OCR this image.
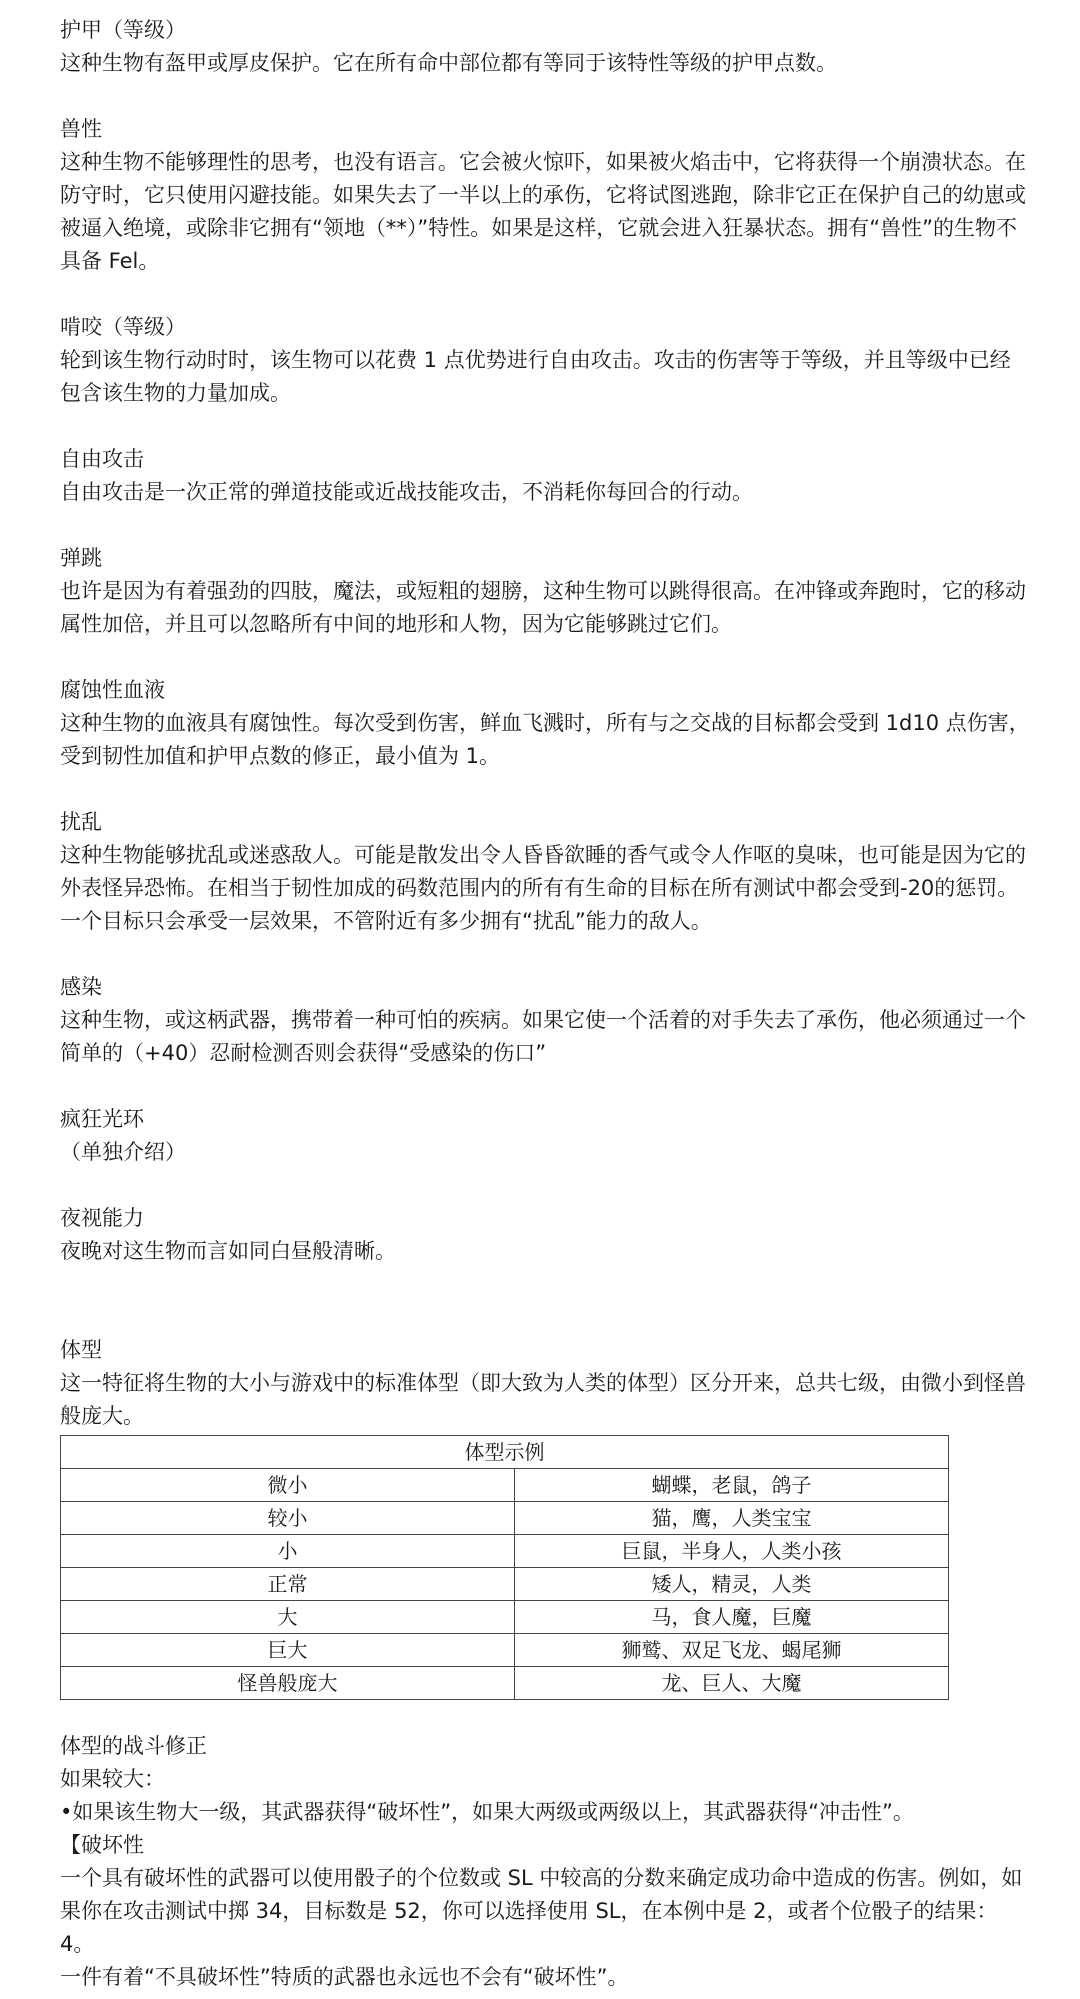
护甲（等级）

这种生物有盔甲或厚皮保护。它在所有命中部位都有等同于该特性等级的护甲点数。

兽性

这种生物不能够理性的思考，也没有语言。它会被火惊吓，如果被火焰击中，它将获得一个崩溃状态。在防守时，它只使用闪避技能。如果失去了一半以上的承伤，它将试图逃跑，除非它正在保护自己的幼崽或被逼入绝境，或除非它拥有“领地（**）”特性。如果是这样，它就会进入狂暴状态。拥有“兽性”的生物不具备 Fel。

啃咬（等级）

轮到该生物行动时时，该生物可以花费 1 点优势进行自由攻击。攻击的伤害等于等级，并且等级中已经包含该生物的力量加成。

自由攻击

自由攻击是一次正常的弹道技能或近战技能攻击，不消耗你每回合的行动。

弹跳

也许是因为有着强劲的四肢，魔法，或短粗的翅膀，这种生物可以跳得很高。在冲锋或奔跑时，它的移动属性加倍，并且可以忽略所有中间的地形和人物，因为它能够跳过它们。

腐蚀性血液

这种生物的血液具有腐蚀性。每次受到伤害，鲜血飞溅时，所有与之交战的目标都会受到 1d10 点伤害，受到韧性加值和护甲点数的修正，最小值为 1。

扰乱

这种生物能够扰乱或迷惑敌人。可能是散发出令人昏昏欲睡的香气或令人作呕的臭味，也可能是因为它的外表怪异恐怖。在相当于韧性加成的码数范围内的所有有生命的目标在所有测试中都会受到-20的惩罚。一个目标只会承受一层效果，不管附近有多少拥有“扰乱”能力的敌人。

感染

这种生物，或这柄武器，携带着一种可怕的疾病。如果它使一个活着的对手失去了承伤，他必须通过一个简单的（+40）忍耐检测否则会获得“受感染的伤口”

疯狂光环

（单独介绍）

夜视能力

夜晚对这生物而言如同白昼般清晰。

体型

这一特征将生物的大小与游戏中的标准体型（即大致为人类的体型）区分开来，总共七级，由微小到怪兽般庞大。

体型示例	
微小	蝴蝶，老鼠，鸽子
较小	猫，鹰，人类宝宝
小	巨鼠，半身人，人类小孩
正常	矮人，精灵，人类
大	马，食人魔，巨魔
巨大	狮鹫、双足飞龙、蝎尾狮
怪兽般庞大	龙、巨人、大魔

体型的战斗修正

如果较大：

•如果该生物大一级，其武器获得“破坏性”，如果大两级或两级以上，其武器获得“冲击性”。

【破坏性

一个具有破坏性的武器可以使用骰子的个位数或 SL 中较高的分数来确定成功命中造成的伤害。例如，如果你在攻击测试中掷 34，目标数是 52，你可以选择使用 SL，在本例中是 2，或者个位骰子的结果：4。

一件有着“不具破坏性”特质的武器也永远也不会有“破坏性”。
